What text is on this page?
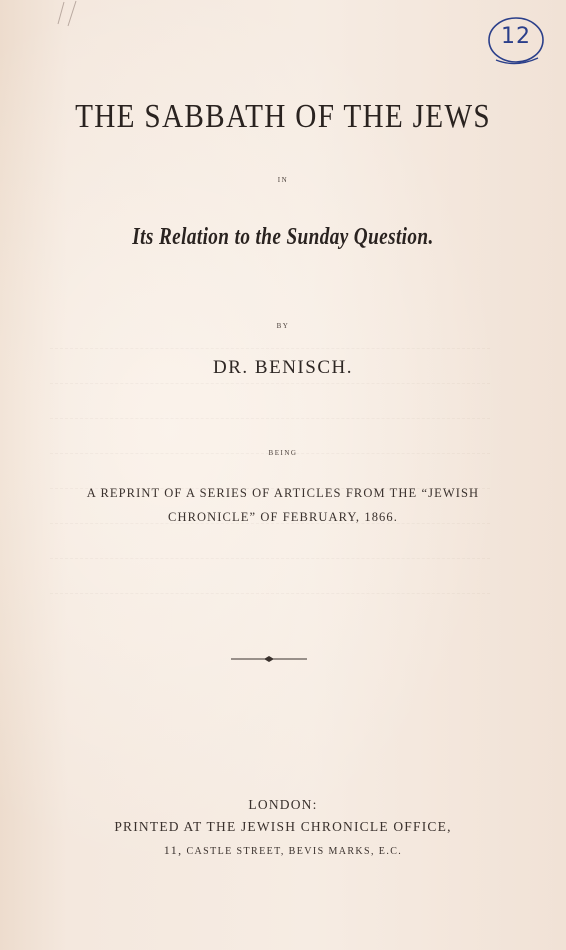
12
THE SABBATH OF THE JEWS
IN
Its Relation to the Sunday Question.
BY
DR. BENISCH.
BEING
A REPRINT OF A SERIES OF ARTICLES FROM THE “JEWISH
CHRONICLE” OF FEBRUARY, 1866.
LONDON:
PRINTED AT THE JEWISH CHRONICLE OFFICE,
11, CASTLE STREET, BEVIS MARKS, E.C.
